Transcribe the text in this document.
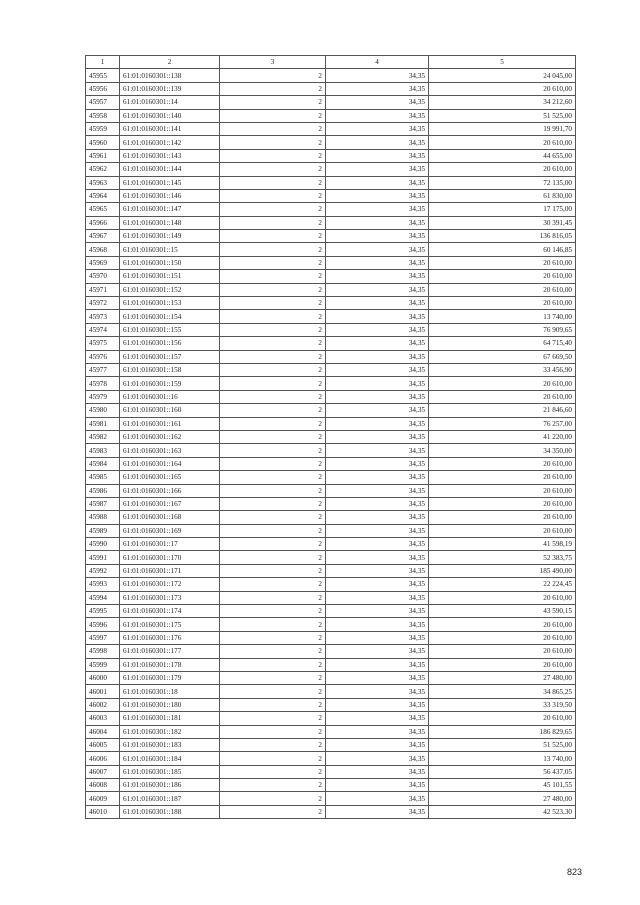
1	2	3	4	5
45955	61:01:0160301::138	2	34,35	24 045,00
45956	61:01:0160301::139	2	34,35	20 610,00
45957	61:01:0160301::14	2	34,35	34 212,60
45958	61:01:0160301::140	2	34,35	51 525,00
45959	61:01:0160301::141	2	34,35	19 991,70
45960	61:01:0160301::142	2	34,35	20 610,00
45961	61:01:0160301::143	2	34,35	44 655,00
45962	61:01:0160301::144	2	34,35	20 610,00
45963	61:01:0160301::145	2	34,35	72 135,00
45964	61:01:0160301::146	2	34,35	61 830,00
45965	61:01:0160301::147	2	34,35	17 175,00
45966	61:01:0160301::148	2	34,35	30 391,45
45967	61:01:0160301::149	2	34,35	136 816,05
45968	61:01:0160301::15	2	34,35	60 146,85
45969	61:01:0160301::150	2	34,35	20 610,00
45970	61:01:0160301::151	2	34,35	20 610,00
45971	61:01:0160301::152	2	34,35	20 610,00
45972	61:01:0160301::153	2	34,35	20 610,00
45973	61:01:0160301::154	2	34,35	13 740,00
45974	61:01:0160301::155	2	34,35	76 909,65
45975	61:01:0160301::156	2	34,35	64 715,40
45976	61:01:0160301::157	2	34,35	67 669,50
45977	61:01:0160301::158	2	34,35	33 456,90
45978	61:01:0160301::159	2	34,35	20 610,00
45979	61:01:0160301::16	2	34,35	20 610,00
45980	61:01:0160301::160	2	34,35	21 846,60
45981	61:01:0160301::161	2	34,35	76 257,00
45982	61:01:0160301::162	2	34,35	41 220,00
45983	61:01:0160301::163	2	34,35	34 350,00
45984	61:01:0160301::164	2	34,35	20 610,00
45985	61:01:0160301::165	2	34,35	20 610,00
45986	61:01:0160301::166	2	34,35	20 610,00
45987	61:01:0160301::167	2	34,35	20 610,00
45988	61:01:0160301::168	2	34,35	20 610,00
45989	61:01:0160301::169	2	34,35	20 610,00
45990	61:01:0160301::17	2	34,35	41 598,19
45991	61:01:0160301::170	2	34,35	52 383,75
45992	61:01:0160301::171	2	34,35	185 490,00
45993	61:01:0160301::172	2	34,35	22 224,45
45994	61:01:0160301::173	2	34,35	20 610,00
45995	61:01:0160301::174	2	34,35	43 590,15
45996	61:01:0160301::175	2	34,35	20 610,00
45997	61:01:0160301::176	2	34,35	20 610,00
45998	61:01:0160301::177	2	34,35	20 610,00
45999	61:01:0160301::178	2	34,35	20 610,00
46000	61:01:0160301::179	2	34,35	27 480,00
46001	61:01:0160301::18	2	34,35	34 865,25
46002	61:01:0160301::180	2	34,35	33 319,50
46003	61:01:0160301::181	2	34,35	20 610,00
46004	61:01:0160301::182	2	34,35	186 829,65
46005	61:01:0160301::183	2	34,35	51 525,00
46006	61:01:0160301::184	2	34,35	13 740,00
46007	61:01:0160301::185	2	34,35	56 437,05
46008	61:01:0160301::186	2	34,35	45 101,55
46009	61:01:0160301::187	2	34,35	27 480,00
46010	61:01:0160301::188	2	34,35	42 523,30
823
